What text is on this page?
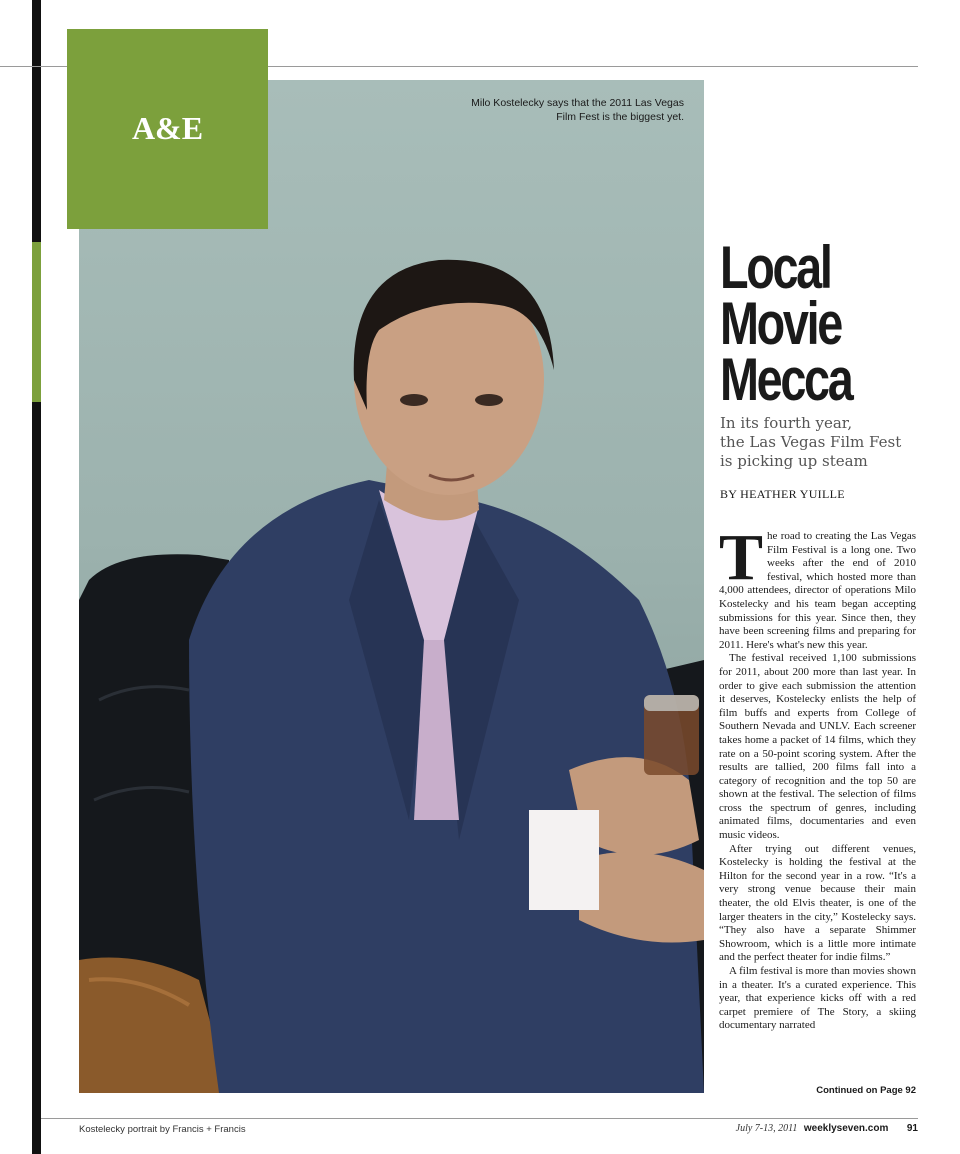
Milo Kostelecky says that the 2011 Las Vegas Film Fest is the biggest yet.
A&E
Local
Movie
Mecca
In its fourth year,
the Las Vegas Film Fest
is picking up steam
BY HEATHER YUILLE

T he road to creating the Las Vegas Film Festival is a long one. Two weeks after the end of 2010 festival, which hosted more than 4,000 attendees, director of operations Milo Kostelecky and his team began accepting submissions for this year. Since then, they have been screening films and preparing for 2011. Here's what's new this year.

The festival received 1,100 submissions for 2011, about 200 more than last year. In order to give each submission the attention it deserves, Kostelecky enlists the help of film buffs and experts from College of Southern Nevada and UNLV. Each screener takes home a packet of 14 films, which they rate on a 50-point scoring system. After the results are tallied, 200 films fall into a category of recognition and the top 50 are shown at the festival. The selection of films cross the spectrum of genres, including animated films, documentaries and even music videos.

After trying out different venues, Kostelecky is holding the festival at the Hilton for the second year in a row. “It's a very strong venue because their main theater, the old Elvis theater, is one of the larger theaters in the city,” Kostelecky says. “They also have a separate Shimmer Showroom, which is a little more intimate and the perfect theater for indie films.”

A film festival is more than movies shown in a theater. It's a curated experience. This year, that experience kicks off with a red carpet premiere of The Story, a skiing documentary narrated

Continued on Page 92
Kostelecky portrait by Francis + Francis	July 7-13, 2011 weeklyseven.com 91
